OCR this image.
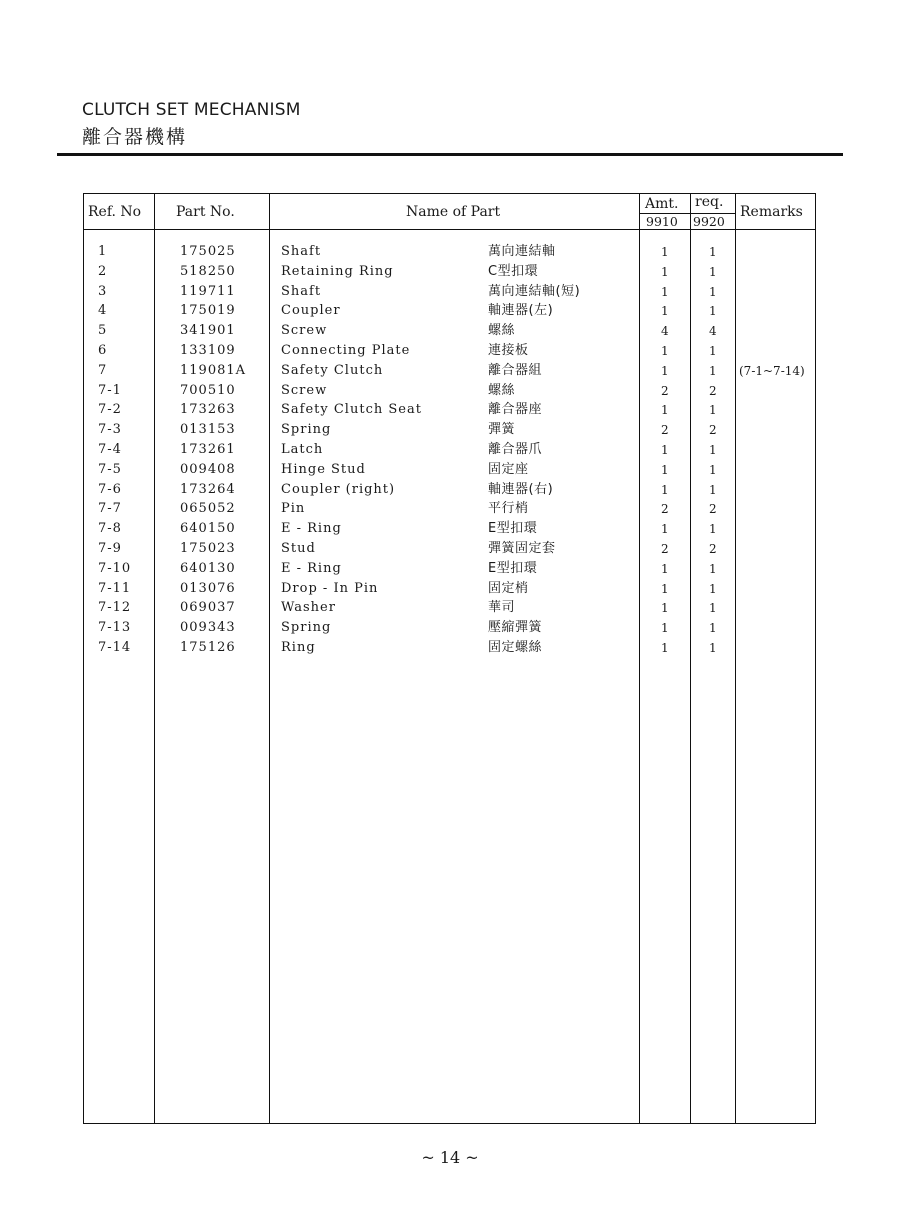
CLUTCH SET MECHANISM
離合器機構
Ref. No Part No.	Name of Part	Amt. req.
9910 9920
Remarks
1	175025	Shaft	萬向連結軸	1	1
2	518250	Retaining Ring	C型扣環	1	1
3	119711	Shaft	萬向連結軸(短)	1	1
4	175019	Coupler	軸連器(左)	1	1
5	341901	Screw	螺絲	4	4
6	133109	Connecting Plate	連接板	1	1
7	119081A	Safety Clutch	離合器組	1	1 (7-1~7-14)
7-1	700510	Screw	螺絲	2	2
7-2	173263	Safety Clutch Seat	離合器座	1	1
7-3	013153	Spring	彈簧	2	2
7-4	173261	Latch	離合器爪	1	1
7-5	009408	Hinge Stud	固定座	1	1
7-6	173264	Coupler (right)	軸連器(右)	1	1
7-7	065052	Pin	平行梢	2	2
7-8	640150	E - Ring	E型扣環	1	1
7-9	175023	Stud	彈簧固定套	2	2
7-10	640130	E - Ring	E型扣環	1	1
7-11	013076	Drop - In Pin	固定梢	1	1
7-12	069037	Washer	華司	1	1
7-13	009343	Spring	壓縮彈簧	1	1
7-14	175126	Ring	固定螺絲	1	1
~ 14 ~
